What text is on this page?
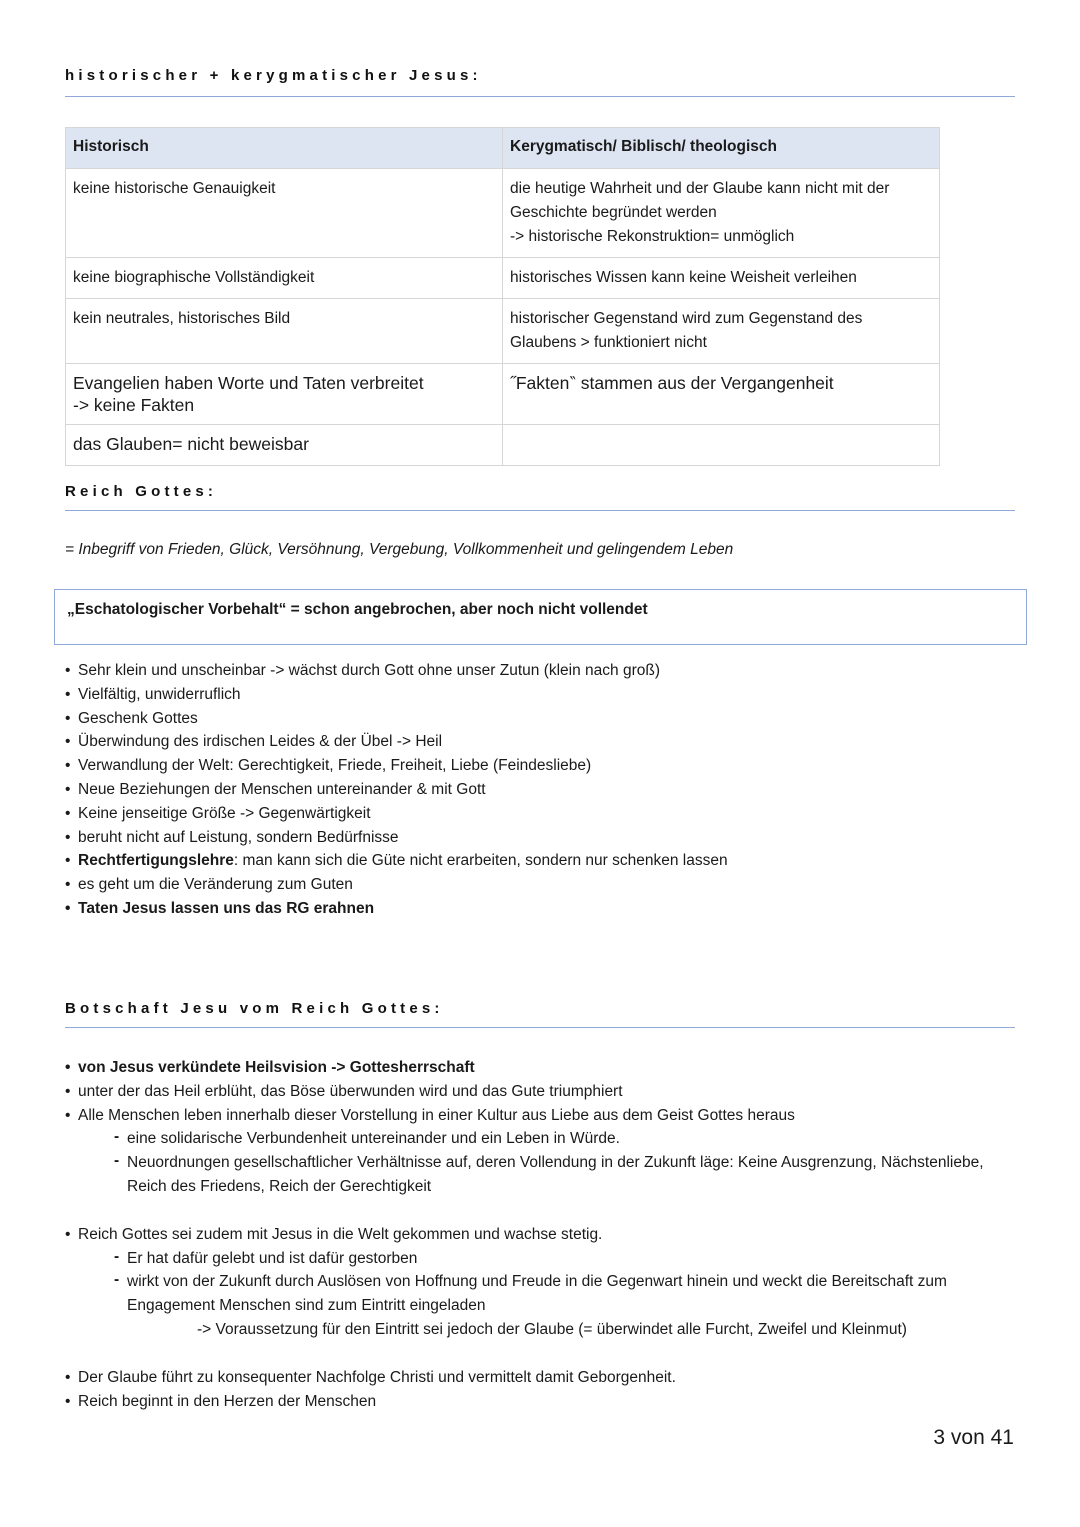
historischer + kerygmatischer Jesus:
Historisch	Kerygmatisch/ Biblisch/ theologisch
keine historische Genauigkeit	die heutige Wahrheit und der Glaube kann nicht mit der Geschichte begründet werden
-> historische Rekonstruktion= unmöglich

keine biographische Vollständigkeit	historisches Wissen kann keine Weisheit verleihen
kein neutrales, historisches Bild	historischer Gegenstand wird zum Gegenstand des Glaubens > funktioniert nicht

Evangelien haben Worte und Taten verbreitet
-> keine Fakten	˝Fakten‶ stammen aus der Vergangenheit
das Glauben= nicht beweisbar	
Reich Gottes:
= Inbegriff von Frieden, Glück, Versöhnung, Vergebung, Vollkommenheit und gelingendem Leben
„Eschatologischer Vorbehalt“ = schon angebrochen, aber noch nicht vollendet
• Sehr klein und unscheinbar -> wächst durch Gott ohne unser Zutun (klein nach groß)
• Vielfältig, unwiderruflich
• Geschenk Gottes
• Überwindung des irdischen Leides & der Übel -> Heil
• Verwandlung der Welt: Gerechtigkeit, Friede, Freiheit, Liebe (Feindesliebe)
• Neue Beziehungen der Menschen untereinander & mit Gott
• Keine jenseitige Größe -> Gegenwärtigkeit
• beruht nicht auf Leistung, sondern Bedürfnisse
• Rechtfertigungslehre: man kann sich die Güte nicht erarbeiten, sondern nur schenken lassen
• es geht um die Veränderung zum Guten
• Taten Jesus lassen uns das RG erahnen
Botschaft Jesu vom Reich Gottes:
• von Jesus verkündete Heilsvision -> Gottesherrschaft
• unter der das Heil erblüht, das Böse überwunden wird und das Gute triumphiert
• Alle Menschen leben innerhalb dieser Vorstellung in einer Kultur aus Liebe aus dem Geist Gottes heraus
- eine solidarische Verbundenheit untereinander und ein Leben in Würde.
- Neuordnungen gesellschaftlicher Verhältnisse auf, deren Vollendung in der Zukunft läge: Keine Ausgrenzung, Nächstenliebe, Reich des Friedens, Reich der Gerechtigkeit
• Reich Gottes sei zudem mit Jesus in die Welt gekommen und wachse stetig.
- Er hat dafür gelebt und ist dafür gestorben
- wirkt von der Zukunft durch Auslösen von Hoffnung und Freude in die Gegenwart hinein und weckt die Bereitschaft zum Engagement Menschen sind zum Eintritt eingeladen
-> Voraussetzung für den Eintritt sei jedoch der Glaube (= überwindet alle Furcht, Zweifel und Kleinmut)
• Der Glaube führt zu konsequenter Nachfolge Christi und vermittelt damit Geborgenheit.
• Reich beginnt in den Herzen der Menschen
3 von 41
